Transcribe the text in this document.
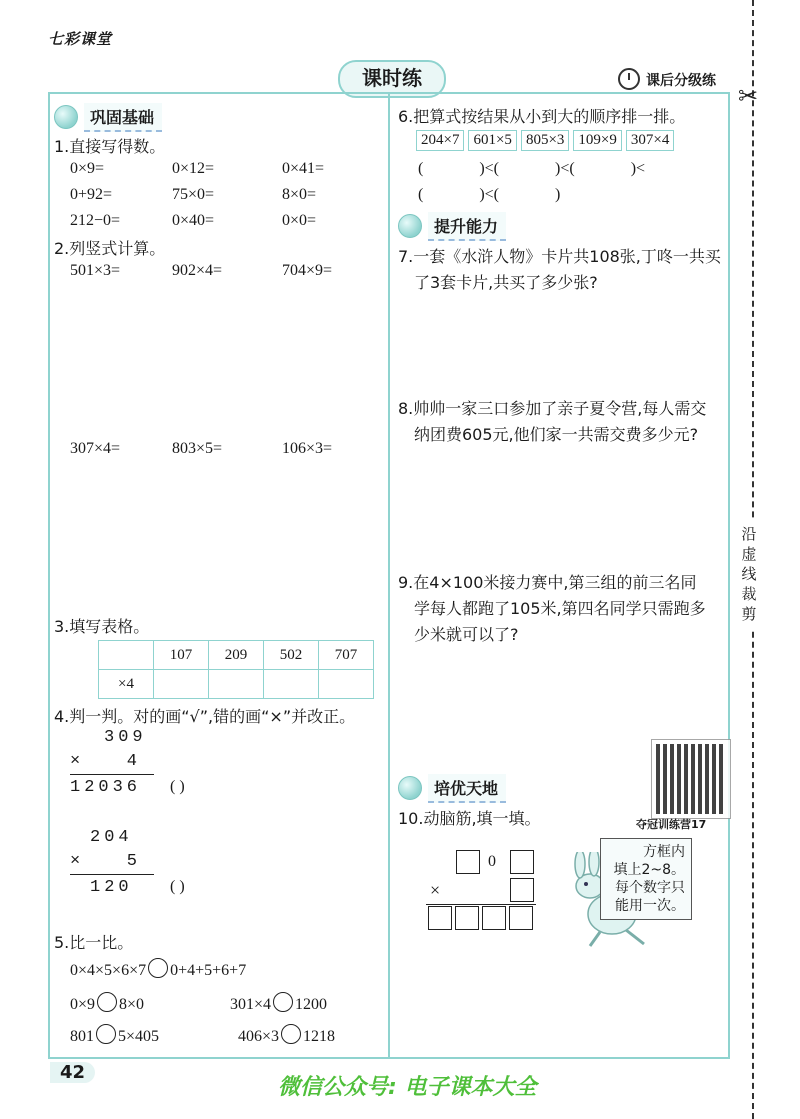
七彩课堂
课时练	课后分级练
✂
沿虚线裁剪
巩固基础
1.直接写得数。
0×9=	0×12=	0×41=
0+92=	75×0=	8×0=
212−0=	0×40=	0×0=
2.列竖式计算。
501×3=	902×4=	704×9=
307×4=	803×5=	106×3=
3.填写表格。
	107	209	502	707
×4				
4.判一判。对的画“√”,错的画“×”并改正。
309
×   4
12036 ( )
204
×   5
120 ( )
5.比一比。
0×4×5×6×7 0+4+5+6+7
0×9 8×0	301×4 1200
801 5×405	406×3 1218
6.把算式按结果从小到大的顺序排一排。
204×7 601×5 805×3 109×9 307×4
(              )<(              )<(              )<
(              )<(              )
提升能力
7.一套《水浒人物》卡片共108张,丁咚一共买
了3套卡片,共买了多少张?
8.帅帅一家三口参加了亲子夏令营,每人需交
纳团费605元,他们家一共需交费多少元?
9.在4×100米接力赛中,第三组的前三名同
学每人都跑了105米,第四名同学只需跑多
少米就可以了?
夺冠训练营17
培优天地
10.动脑筋,填一填。
0
×
方框内
填上2~8。
每个数字只
能用一次。
42
微信公众号: 电子课本大全
